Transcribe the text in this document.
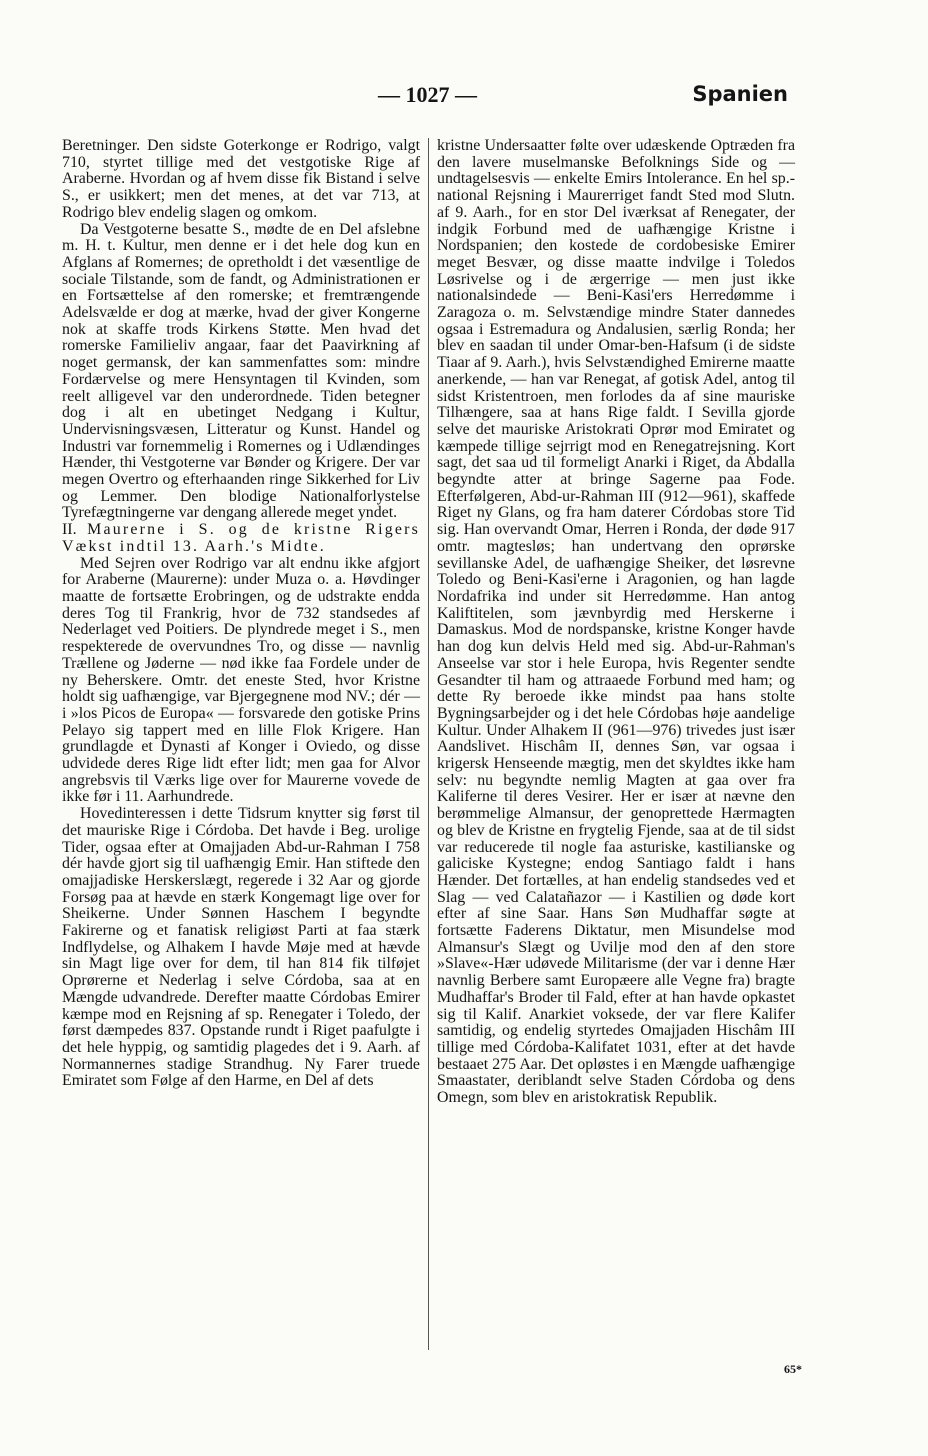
— 1027 —	Spanien

Beretninger. Den sidste Goterkonge er Rodrigo, valgt 710, styrtet tillige med det vestgotiske Rige af Araberne. Hvordan og af hvem disse fik Bistand i selve S., er usikkert; men det menes, at det var 713, at Rodrigo blev endelig slagen og omkom.

Da Vestgoterne besatte S., mødte de en Del afslebne m. H. t. Kultur, men denne er i det hele dog kun en Afglans af Romernes; de opretholdt i det væsentlige de sociale Tilstande, som de fandt, og Administrationen er en Fortsættelse af den romerske; et fremtrængende Adelsvælde er dog at mærke, hvad der giver Kongerne nok at skaffe trods Kirkens Støtte. Men hvad det romerske Familieliv angaar, faar det Paavirkning af noget germansk, der kan sammenfattes som: mindre Fordærvelse og mere Hensyntagen til Kvinden, som reelt alligevel var den underordnede. Tiden betegner dog i alt en ubetinget Nedgang i Kultur, Undervisningsvæsen, Litteratur og Kunst. Handel og Industri var fornemmelig i Romernes og i Udlændinges Hænder, thi Vestgoterne var Bønder og Krigere. Der var megen Overtro og efterhaanden ringe Sikkerhed for Liv og Lemmer. Den blodige Nationalforlystelse Tyrefægtningerne var dengang allerede meget yndet.

II. Maurerne i S. og de kristne Rigers Vækst indtil 13. Aarh.'s Midte.

Med Sejren over Rodrigo var alt endnu ikke afgjort for Araberne (Maurerne): under Muza o. a. Høvdinger maatte de fortsætte Erobringen, og de udstrakte endda deres Tog til Frankrig, hvor de 732 standsedes af Nederlaget ved Poitiers. De plyndrede meget i S., men respekterede de overvundnes Tro, og disse — navnlig Trællene og Jøderne — nød ikke faa Fordele under de ny Beherskere. Omtr. det eneste Sted, hvor Kristne holdt sig uafhængige, var Bjergegnene mod NV.; dér — i »los Picos de Europa« — forsvarede den gotiske Prins Pelayo sig tappert med en lille Flok Krigere. Han grundlagde et Dynasti af Konger i Oviedo, og disse udvidede deres Rige lidt efter lidt; men gaa for Alvor angrebsvis til Værks lige over for Maurerne vovede de ikke før i 11. Aarhundrede.

Hovedinteressen i dette Tidsrum knytter sig først til det mauriske Rige i Córdoba. Det havde i Beg. urolige Tider, ogsaa efter at Omajjaden Abd-ur-Rahman I 758 dér havde gjort sig til uafhængig Emir. Han stiftede den omajjadiske Herskerslægt, regerede i 32 Aar og gjorde Forsøg paa at hævde en stærk Kongemagt lige over for Sheikerne. Under Sønnen Haschem I begyndte Fakirerne og et fanatisk religiøst Parti at faa stærk Indflydelse, og Alhakem I havde Møje med at hævde sin Magt lige over for dem, til han 814 fik tilføjet Oprørerne et Nederlag i selve Córdoba, saa at en Mængde udvandrede. Derefter maatte Córdobas Emirer kæmpe mod en Rejsning af sp. Renegater i Toledo, der først dæmpedes 837. Opstande rundt i Riget paafulgte i det hele hyppig, og samtidig plagedes det i 9. Aarh. af Normannernes stadige Strandhug. Ny Farer truede Emiratet som Følge af den Harme, en Del af dets

kristne Undersaatter følte over udæskende Optræden fra den lavere muselmanske Befolknings Side og — undtagelsesvis — enkelte Emirs Intolerance. En hel sp.-national Rejsning i Maurerriget fandt Sted mod Slutn. af 9. Aarh., for en stor Del iværksat af Renegater, der indgik Forbund med de uafhængige Kristne i Nordspanien; den kostede de cordobesiske Emirer meget Besvær, og disse maatte indvilge i Toledos Løsrivelse og i de ærgerrige — men just ikke nationalsindede — Beni-Kasi'ers Herredømme i Zaragoza o. m. Selvstændige mindre Stater dannedes ogsaa i Estremadura og Andalusien, særlig Ronda; her blev en saadan til under Omar-ben-Hafsum (i de sidste Tiaar af 9. Aarh.), hvis Selvstændighed Emirerne maatte anerkende, — han var Renegat, af gotisk Adel, antog til sidst Kristentroen, men forlodes da af sine mauriske Tilhængere, saa at hans Rige faldt. I Sevilla gjorde selve det mauriske Aristokrati Oprør mod Emiratet og kæmpede tillige sejrrigt mod en Renegatrejsning. Kort sagt, det saa ud til formeligt Anarki i Riget, da Abdalla begyndte atter at bringe Sagerne paa Fode. Efterfølgeren, Abd-ur-Rahman III (912—961), skaffede Riget ny Glans, og fra ham daterer Córdobas store Tid sig. Han overvandt Omar, Herren i Ronda, der døde 917 omtr. magtesløs; han undertvang den oprørske sevillanske Adel, de uafhængige Sheiker, det løsrevne Toledo og Beni-Kasi'erne i Aragonien, og han lagde Nordafrika ind under sit Herredømme. Han antog Kaliftitelen, som jævnbyrdig med Herskerne i Damaskus. Mod de nordspanske, kristne Konger havde han dog kun delvis Held med sig. Abd-ur-Rahman's Anseelse var stor i hele Europa, hvis Regenter sendte Gesandter til ham og attraaede Forbund med ham; og dette Ry beroede ikke mindst paa hans stolte Bygningsarbejder og i det hele Córdobas høje aandelige Kultur. Under Alhakem II (961—976) trivedes just især Aandslivet. Hischâm II, dennes Søn, var ogsaa i krigersk Henseende mægtig, men det skyldtes ikke ham selv: nu begyndte nemlig Magten at gaa over fra Kaliferne til deres Vesirer. Her er især at nævne den berømmelige Almansur, der genoprettede Hærmagten og blev de Kristne en frygtelig Fjende, saa at de til sidst var reducerede til nogle faa asturiske, kastilianske og galiciske Kystegne; endog Santiago faldt i hans Hænder. Det fortælles, at han endelig standsedes ved et Slag — ved Calatañazor — i Kastilien og døde kort efter af sine Saar. Hans Søn Mudhaffar søgte at fortsætte Faderens Diktatur, men Misundelse mod Almansur's Slægt og Uvilje mod den af den store »Slave«-Hær udøvede Militarisme (der var i denne Hær navnlig Berbere samt Europæere alle Vegne fra) bragte Mudhaffar's Broder til Fald, efter at han havde opkastet sig til Kalif. Anarkiet voksede, der var flere Kalifer samtidig, og endelig styrtedes Omajjaden Hischâm III tillige med Córdoba-Kalifatet 1031, efter at det havde bestaaet 275 Aar. Det opløstes i en Mængde uafhængige Smaastater, deriblandt selve Staden Córdoba og dens Omegn, som blev en aristokratisk Republik.

65*
